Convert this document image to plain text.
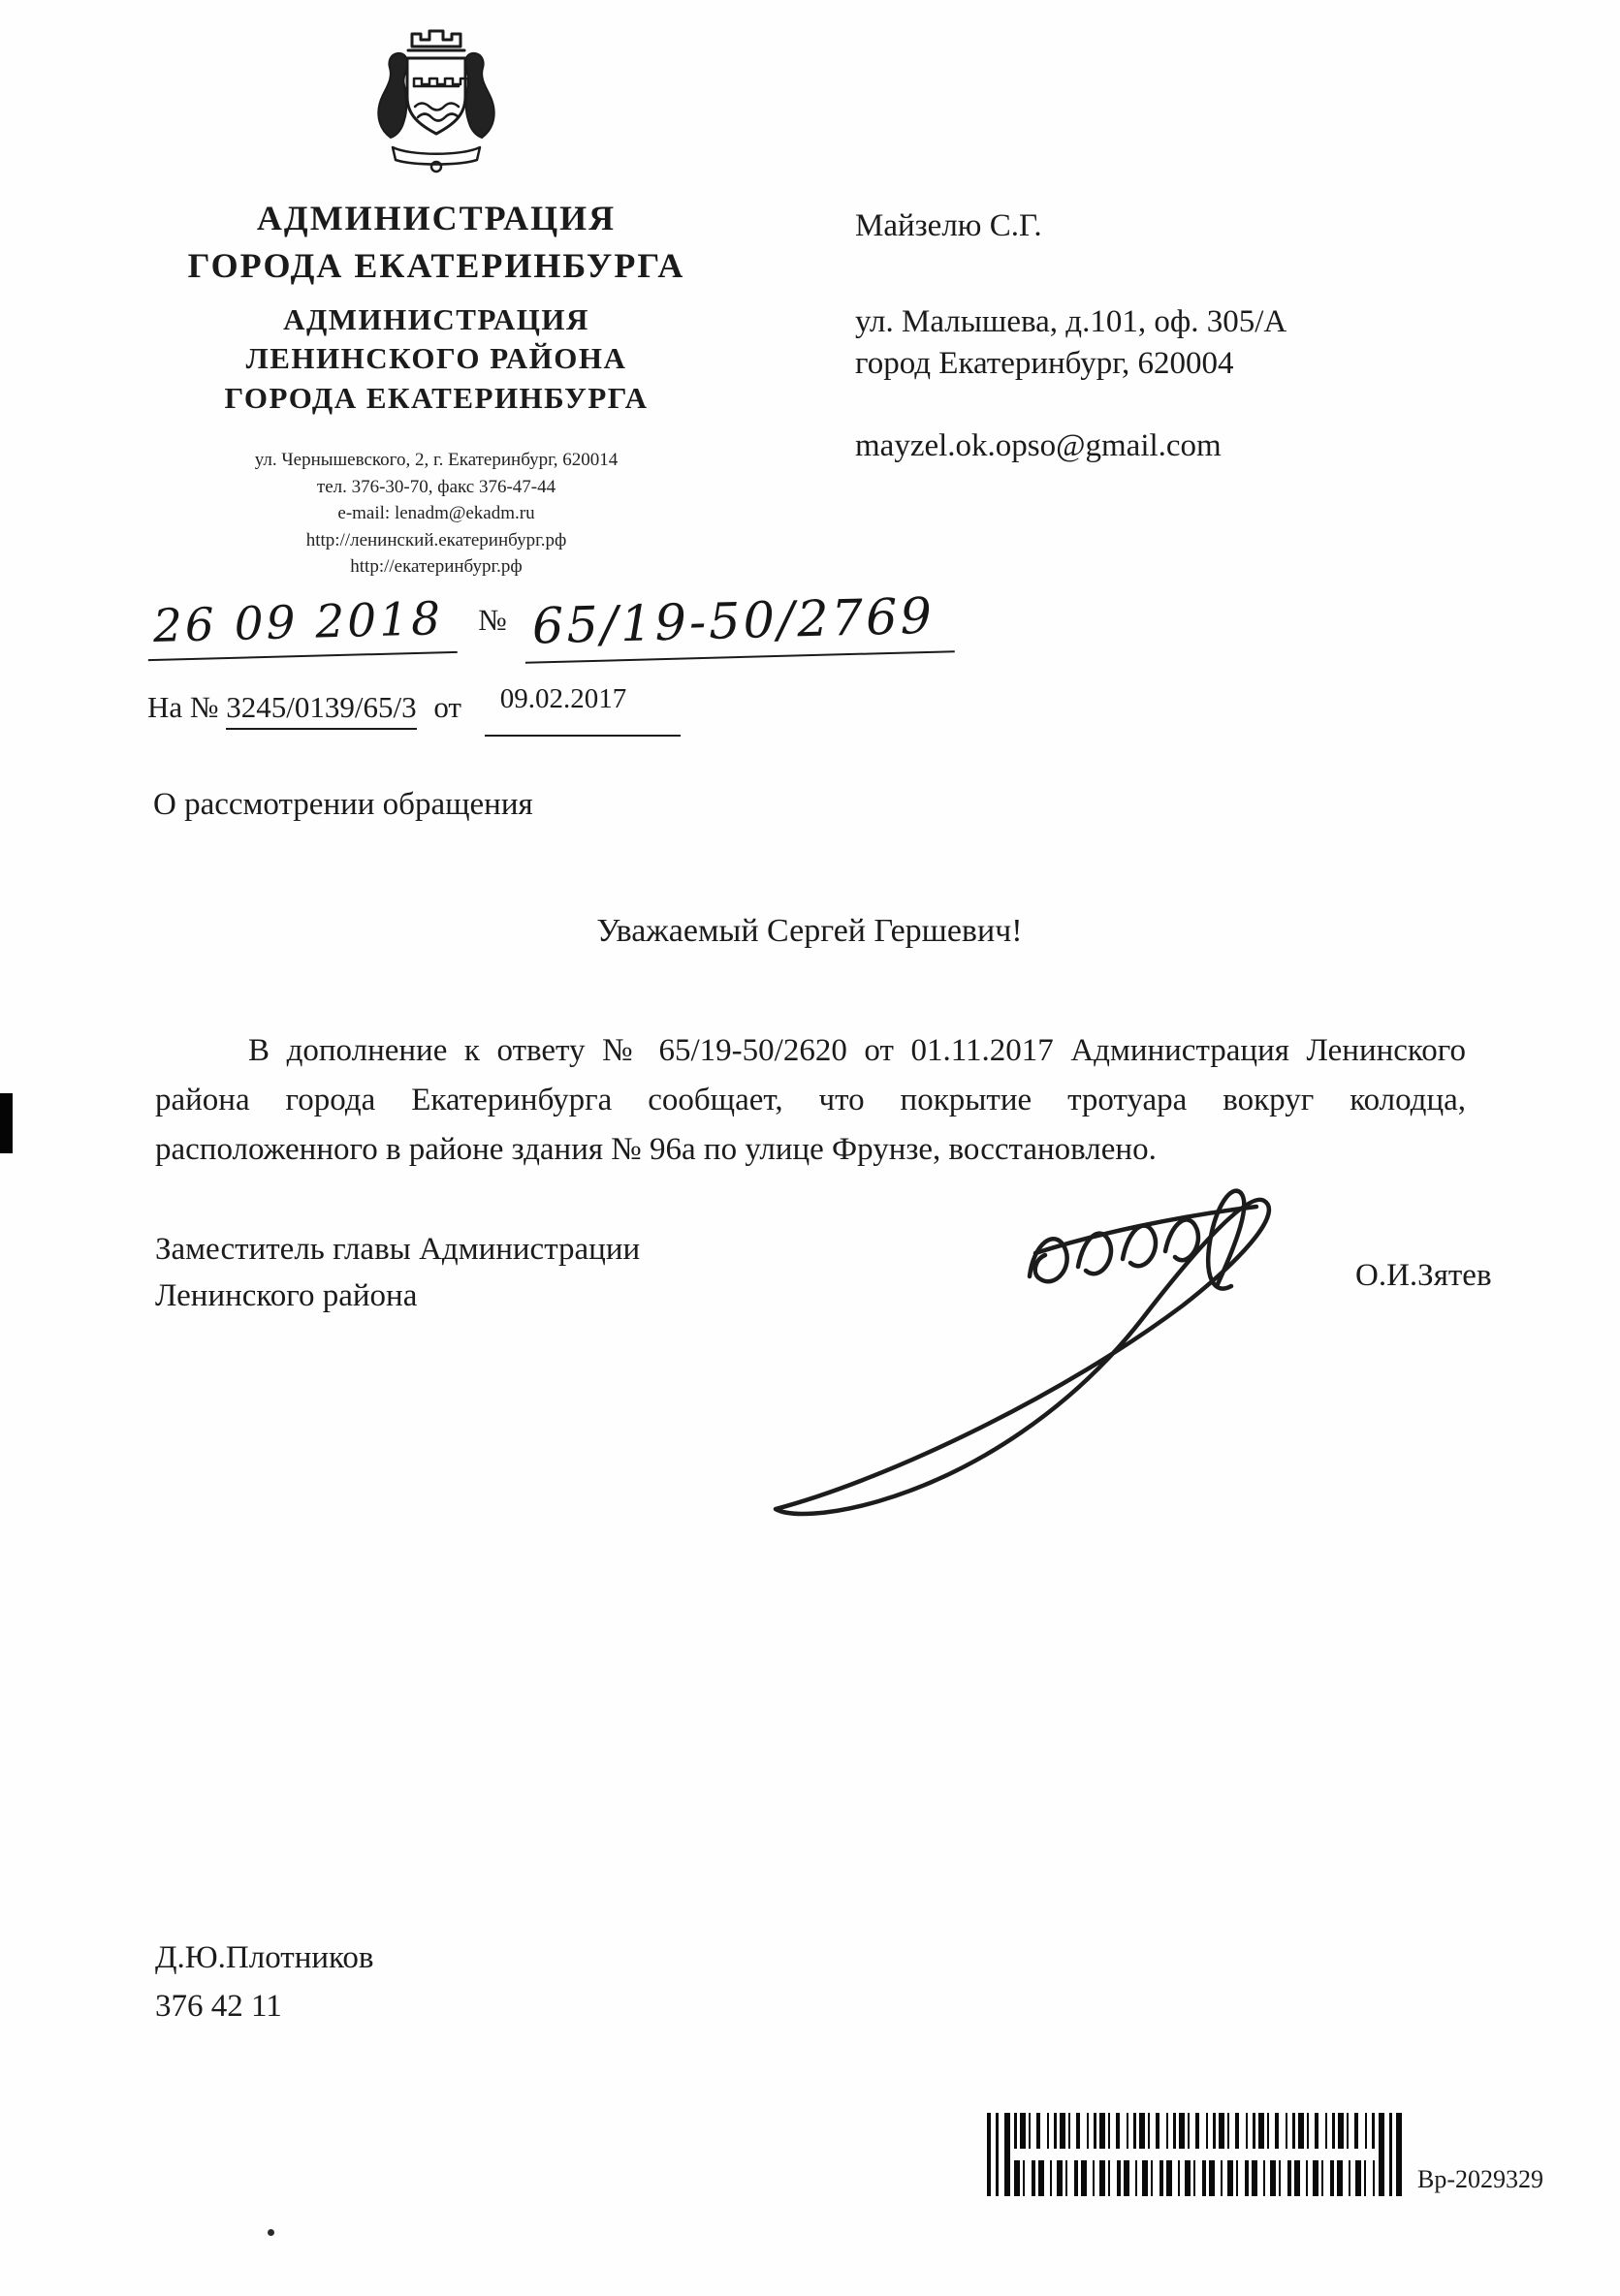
АДМИНИСТРАЦИЯ
ГОРОДА ЕКАТЕРИНБУРГА
АДМИНИСТРАЦИЯ
ЛЕНИНСКОГО РАЙОНА
ГОРОДА ЕКАТЕРИНБУРГА
ул. Чернышевского, 2, г. Екатеринбург, 620014
тел. 376-30-70, факс 376-47-44
e-mail: lenadm@ekadm.ru
http://ленинский.екатеринбург.рф
http://екатеринбург.рф
Майзелю С.Г.
ул. Малышева, д.101, оф. 305/А
город Екатеринбург, 620004
mayzel.ok.opso@gmail.com
26 09 2018 № 65/19-50/2769
На № 3245/0139/65/3 от 09.02.2017
О рассмотрении обращения
Уважаемый Сергей Гершевич!

В дополнение к ответу № 65/19-50/2620 от 01.11.2017 Администрация Ленинского района города Екатеринбурга сообщает, что покрытие тротуара вокруг колодца, расположенного в районе здания № 96а по улице Фрунзе, восстановлено.

Заместитель главы Администрации
Ленинского района
О.И.Зятев
Д.Ю.Плотников
376 42 11
Вр-2029329
